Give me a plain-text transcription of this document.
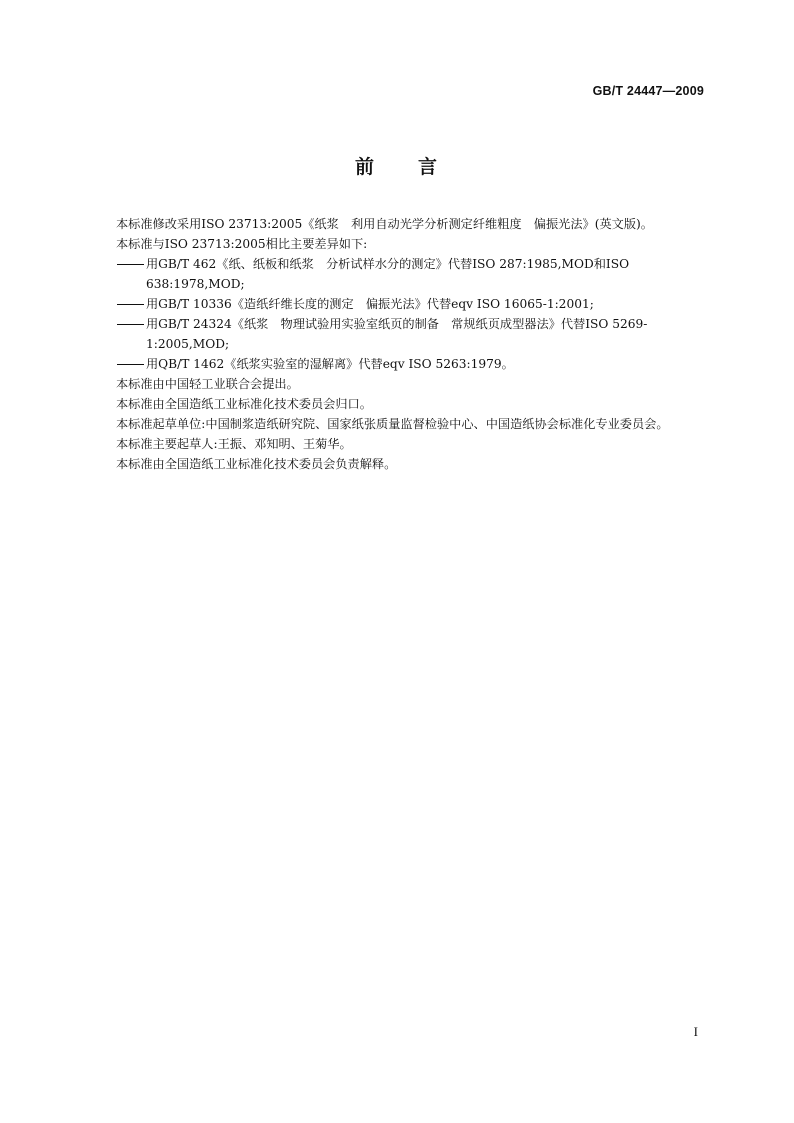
GB/T 24447—2009
前 言

本标准修改采用ISO 23713:2005《纸浆　利用自动光学分析测定纤维粗度　偏振光法》(英文版)。

本标准与ISO 23713:2005相比主要差异如下:

用GB/T 462《纸、纸板和纸浆　分析试样水分的测定》代替ISO 287:1985,MOD和ISO 638:1978,MOD;

用GB/T 10336《造纸纤维长度的测定　偏振光法》代替eqv ISO 16065-1:2001;

用GB/T 24324《纸浆　物理试验用实验室纸页的制备　常规纸页成型器法》代替ISO 5269-1:2005,MOD;

用QB/T 1462《纸浆实验室的湿解离》代替eqv ISO 5263:1979。

本标准由中国轻工业联合会提出。

本标准由全国造纸工业标准化技术委员会归口。

本标准起草单位:中国制浆造纸研究院、国家纸张质量监督检验中心、中国造纸协会标准化专业委员会。

本标准主要起草人:王振、邓知明、王菊华。

本标准由全国造纸工业标准化技术委员会负责解释。

I
